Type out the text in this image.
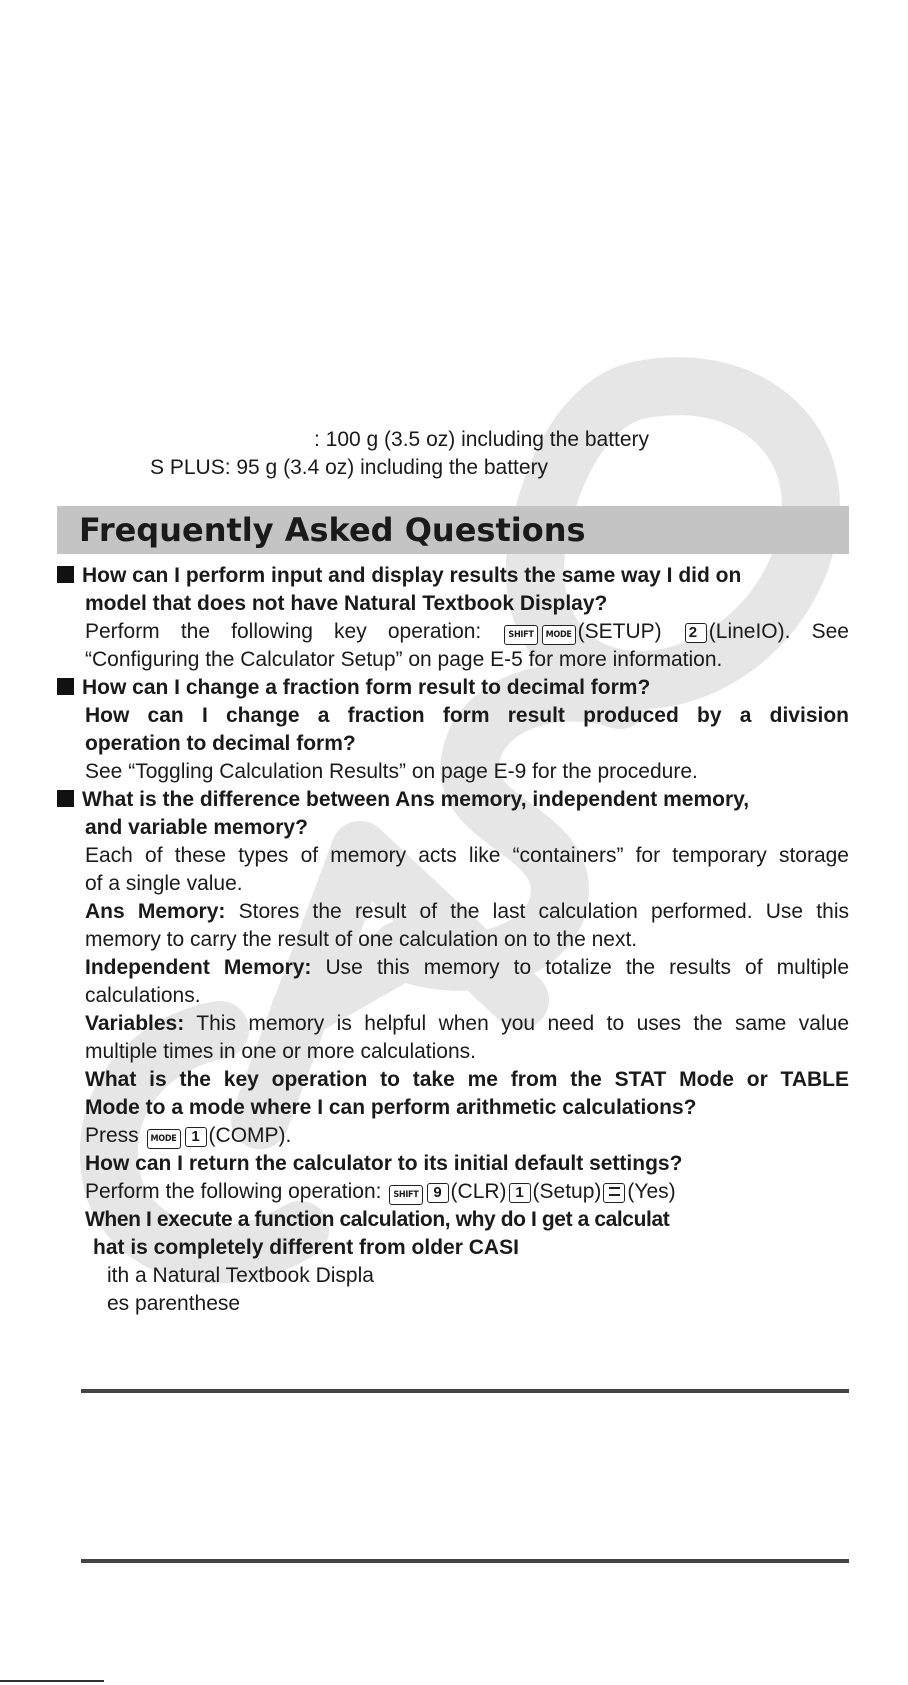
: 100 g (3.5 oz) including the battery
S PLUS: 95 g (3.4 oz) including the battery
Frequently Asked Questions
How can I perform input and display results the same way I did on
model that does not have Natural Textbook Display?
Perform the following key operation:	SHIFT MODE (SETUP) 2 (LineIO). See
“Configuring the Calculator Setup” on page E-5 for more information.
How can I change a fraction form result to decimal form?
How can I change a fraction form result produced by a division
operation to decimal form?
See “Toggling Calculation Results” on page E-9 for the procedure.
What is the difference between Ans memory, independent memory,
and variable memory?
Each of these types of memory acts like “containers” for temporary storage
of a single value.
Ans Memory: Stores the result of the last calculation performed. Use this
memory to carry the result of one calculation on to the next.
Independent Memory: Use this memory to totalize the results of multiple
calculations.
Variables: This memory is helpful when you need to uses the same value
multiple times in one or more calculations.
What is the key operation to take me from the STAT Mode or TABLE
Mode to a mode where I can perform arithmetic calculations?
Press MODE 1 (COMP).
How can I return the calculator to its initial default settings?
Perform the following operation: SHIFT 9 (CLR) 1 (Setup) (Yes)
When I execute a function calculation, why do I get a calculat
hat is completely different from older CASI
ith a Natural Textbook Displa
es parenthese
